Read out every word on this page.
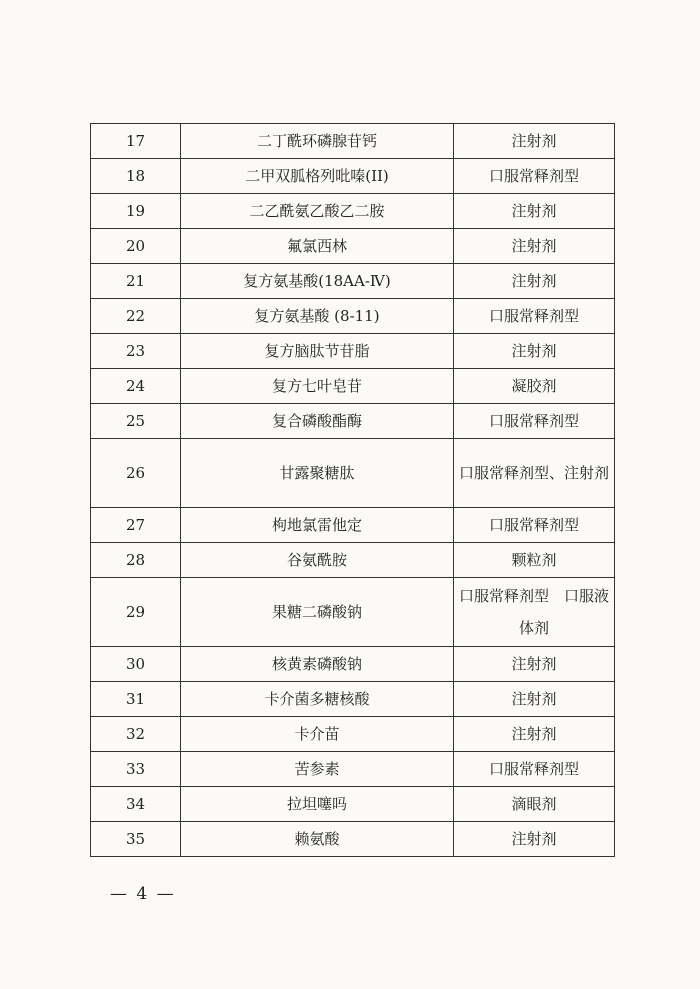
17	二丁酰环磷腺苷钙	注射剂
18	二甲双胍格列吡嗪(II)	口服常释剂型
19	二乙酰氨乙酸乙二胺	注射剂
20	氟氯西林	注射剂
21	复方氨基酸(18AA-Ⅳ)	注射剂
22	复方氨基酸 (8-11)	口服常释剂型
23	复方脑肽节苷脂	注射剂
24	复方七叶皂苷	凝胶剂
25	复合磷酸酯酶	口服常释剂型
26	甘露聚糖肽	口服常释剂型、注射剂
27	枸地氯雷他定	口服常释剂型
28	谷氨酰胺	颗粒剂
29	果糖二磷酸钠	口服常释剂型　口服液体剂
30	核黄素磷酸钠	注射剂
31	卡介菌多糖核酸	注射剂
32	卡介苗	注射剂
33	苦参素	口服常释剂型
34	拉坦噻吗	滴眼剂
35	赖氨酸	注射剂
— 4 —
